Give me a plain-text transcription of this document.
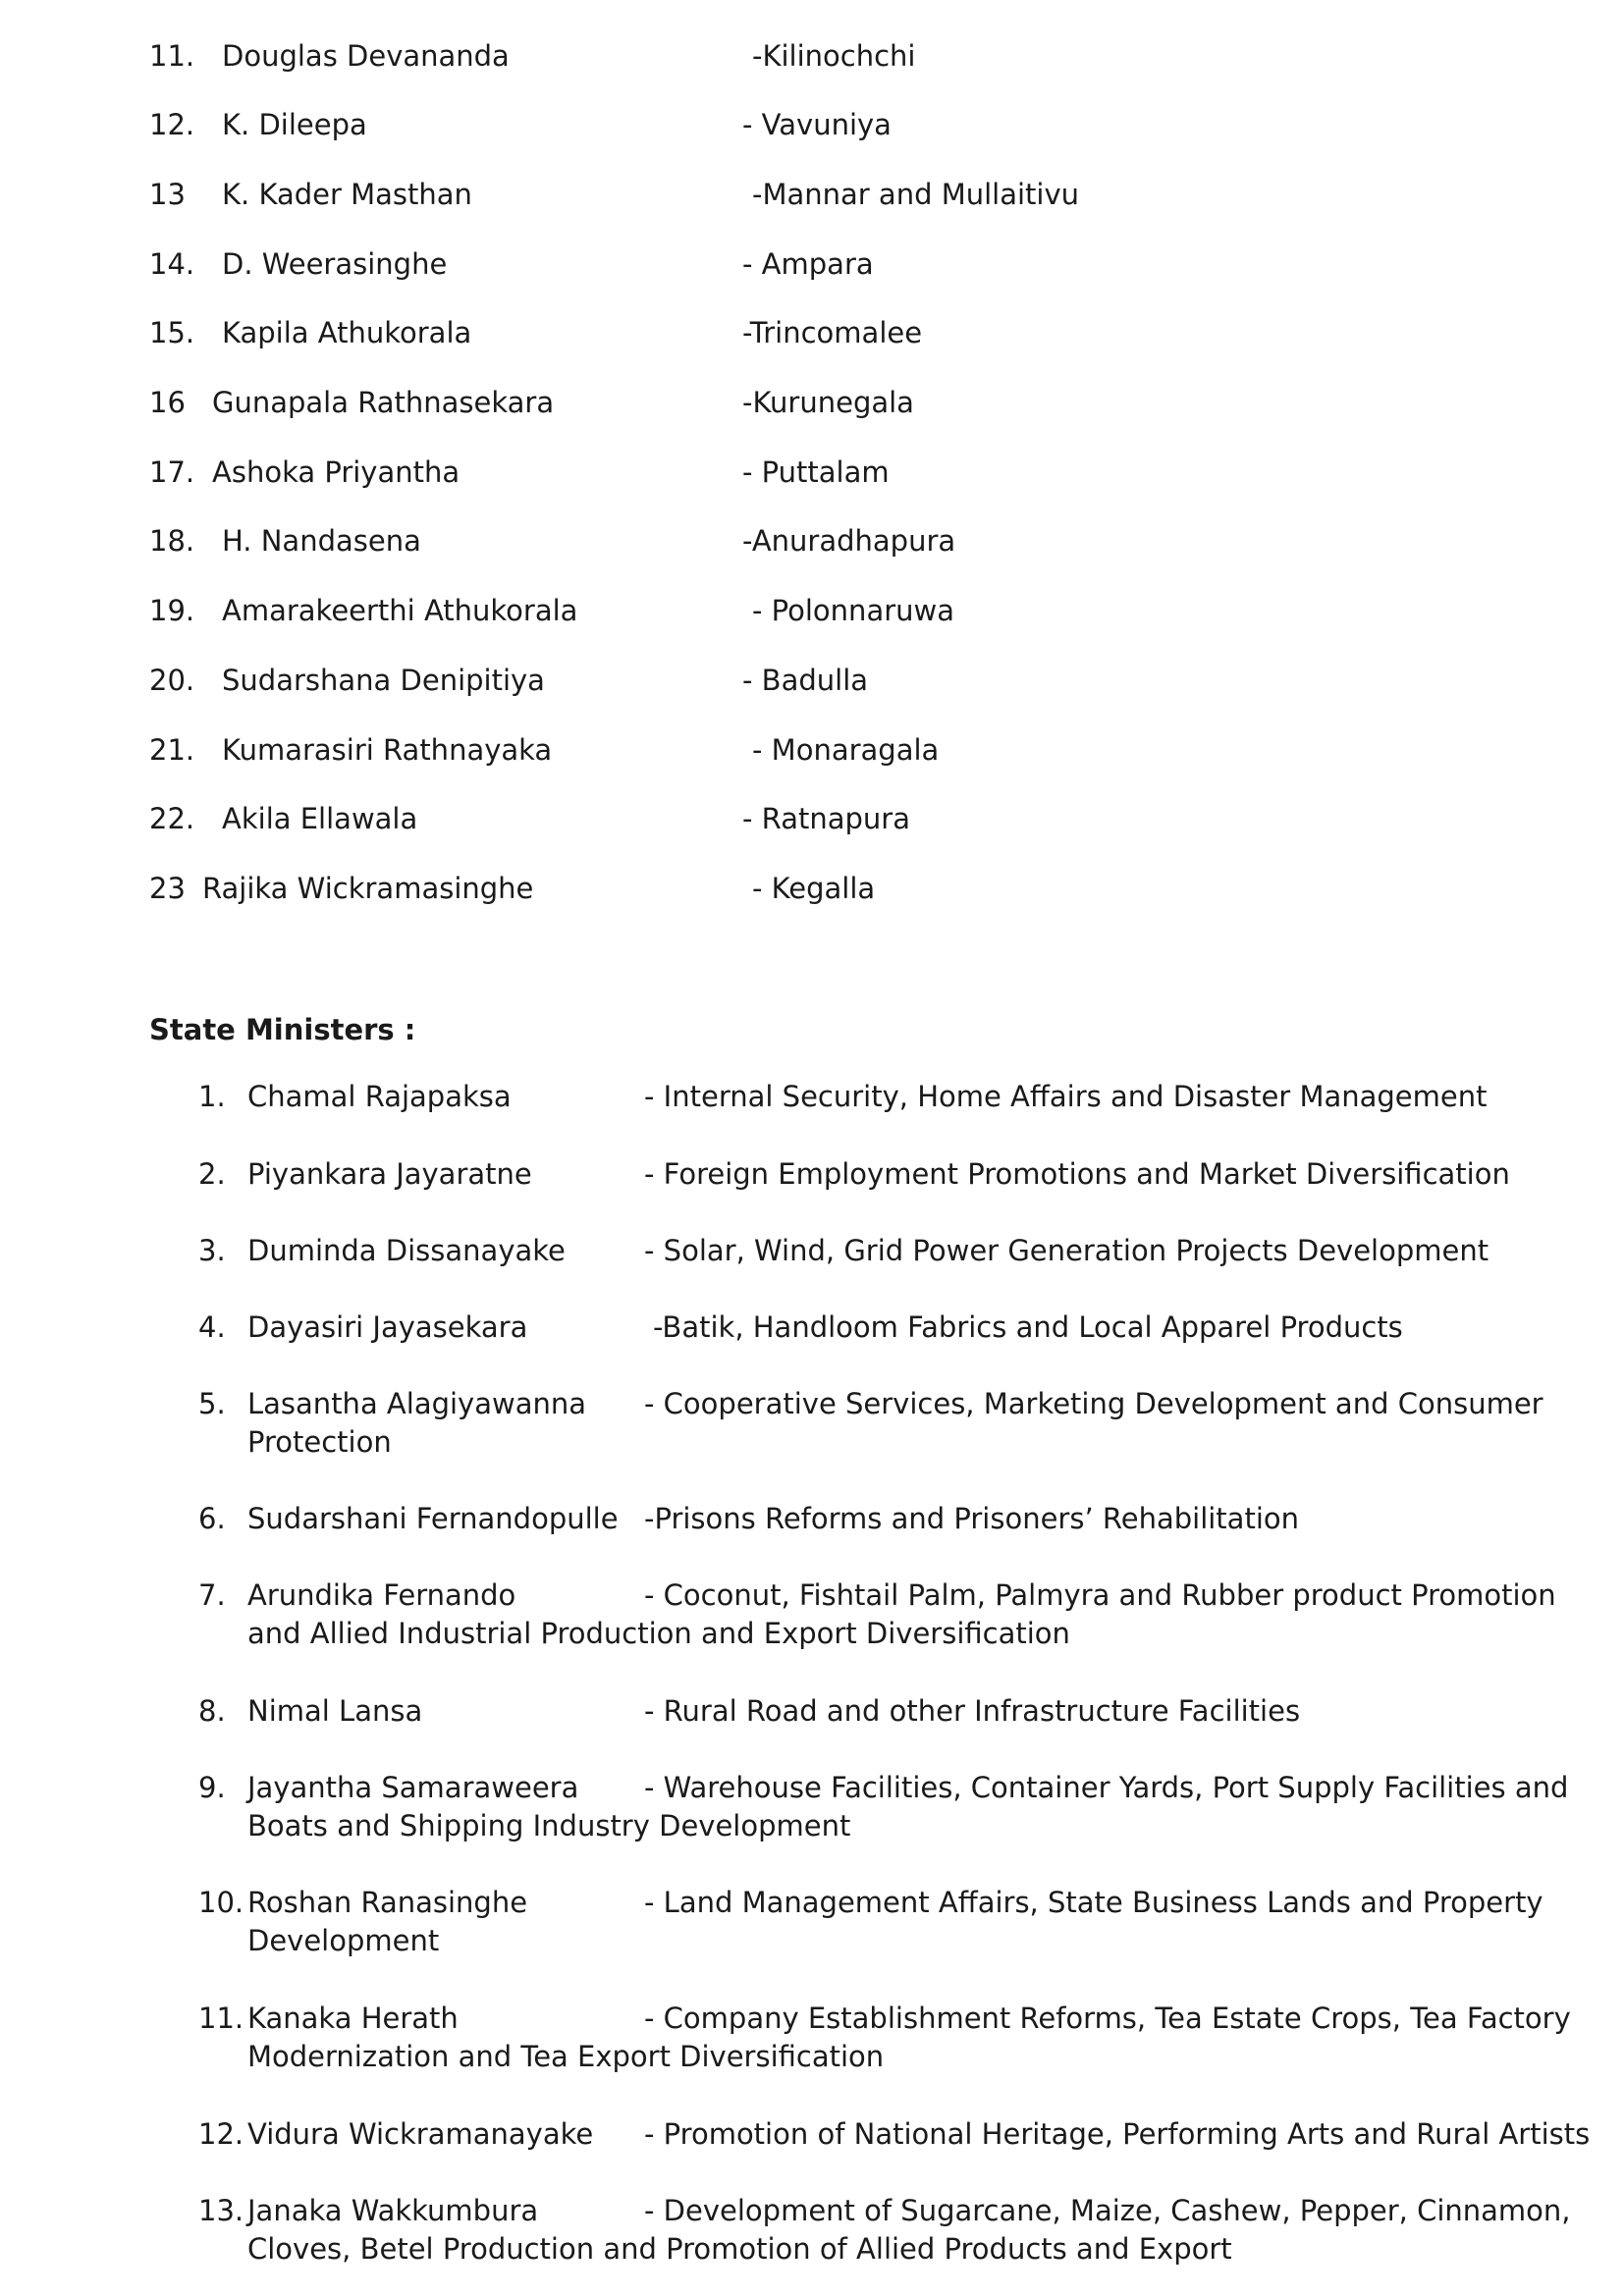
11. Douglas Devananda	-Kilinochchi
12. K. Dileepa	- Vavuniya
13 K. Kader Masthan	-Mannar and Mullaitivu
14. D. Weerasinghe	- Ampara
15. Kapila Athukorala	-Trincomalee
16 Gunapala Rathnasekara	-Kurunegala
17. Ashoka Priyantha	- Puttalam
18. H. Nandasena	-Anuradhapura
19. Amarakeerthi Athukorala	- Polonnaruwa
20. Sudarshana Denipitiya	- Badulla
21. Kumarasiri Rathnayaka	- Monaragala
22. Akila Ellawala	- Ratnapura
23 Rajika Wickramasinghe	- Kegalla
State Ministers :
1. Chamal Rajapaksa	- Internal Security, Home Affairs and Disaster Management
2. Piyankara Jayaratne	- Foreign Employment Promotions and Market Diversification
3. Duminda Dissanayake	- Solar, Wind, Grid Power Generation Projects Development
4. Dayasiri Jayasekara	-Batik, Handloom Fabrics and Local Apparel Products
5. Lasantha Alagiyawanna - Cooperative Services, Marketing Development and Consumer
Protection
6. Sudarshani Fernandopulle -Prisons Reforms and Prisoners’ Rehabilitation
7. Arundika Fernando	- Coconut, Fishtail Palm, Palmyra and Rubber product Promotion
and Allied Industrial Production and Export Diversification
8. Nimal Lansa	- Rural Road and other Infrastructure Facilities
9. Jayantha Samaraweera - Warehouse Facilities, Container Yards, Port Supply Facilities and
Boats and Shipping Industry Development
10. Roshan Ranasinghe	- Land Management Affairs, State Business Lands and Property
Development
11. Kanaka Herath	- Company Establishment Reforms, Tea Estate Crops, Tea Factory
Modernization and Tea Export Diversification
12. Vidura Wickramanayake - Promotion of National Heritage, Performing Arts and Rural Artists
13. Janaka Wakkumbura	- Development of Sugarcane, Maize, Cashew, Pepper, Cinnamon,
Cloves, Betel Production and Promotion of Allied Products and Export
